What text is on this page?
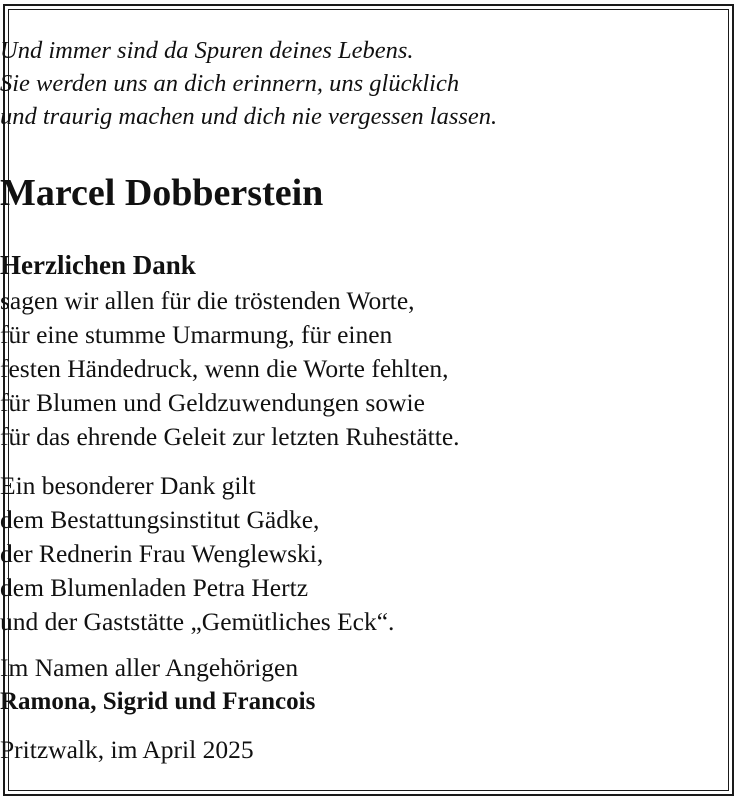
Und immer sind da Spuren deines Lebens.
Sie werden uns an dich erinnern, uns glücklich
und traurig machen und dich nie vergessen lassen.
Marcel Dobberstein
Herzlichen Dank
sagen wir allen für die tröstenden Worte,
für eine stumme Umarmung, für einen
festen Händedruck, wenn die Worte fehlten,
für Blumen und Geldzuwendungen sowie
für das ehrende Geleit zur letzten Ruhestätte.
Ein besonderer Dank gilt
dem Bestattungsinstitut Gädke,
der Rednerin Frau Wenglewski,
dem Blumenladen Petra Hertz
und der Gaststätte „Gemütliches Eck“.
Im Namen aller Angehörigen
Ramona, Sigrid und Francois
Pritzwalk, im April 2025
